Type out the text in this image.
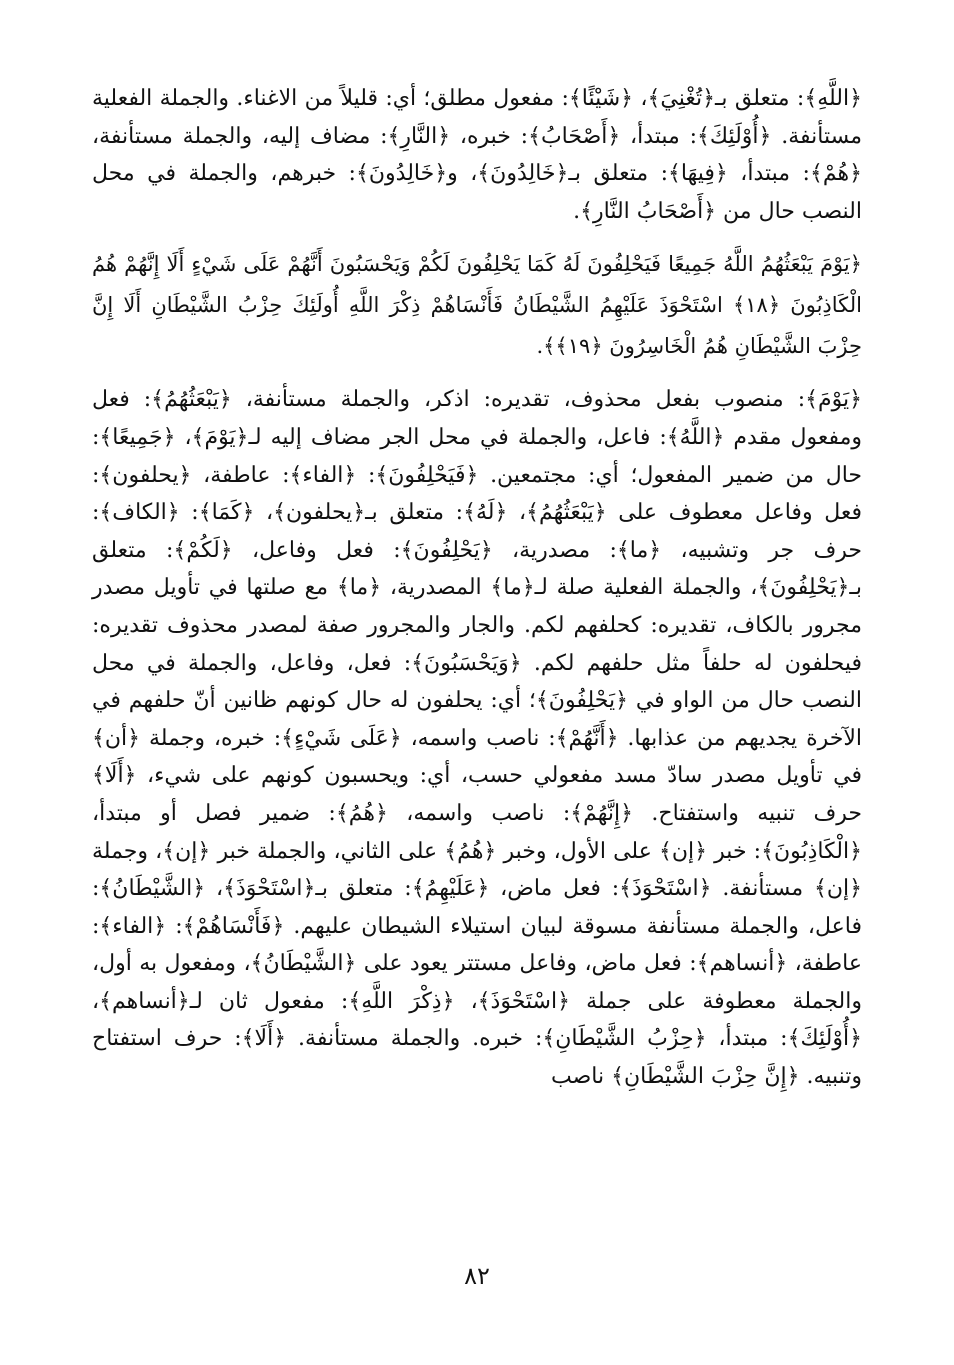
﴿اللَّهِ﴾: متعلق بـ﴿تُغْنِيَ﴾، ﴿شَيْئًا﴾: مفعول مطلق؛ أي: قليلاً من الاغناء. والجملة الفعلية مستأنفة. ﴿أُوْلَئِكَ﴾: مبتدأ، ﴿أَصْحَابُ﴾: خبره، ﴿النَّارِ﴾: مضاف إليه، والجملة مستأنفة، ﴿هُمْ﴾: مبتدأ، ﴿فِيهَا﴾: متعلق بـ﴿خَالِدُونَ﴾، و﴿خَالِدُونَ﴾: خبرهم، والجملة في محل النصب حال من ﴿أَصْحَابُ النَّارِ﴾.

﴿يَوْمَ يَبْعَثُهُمُ اللَّهُ جَمِيعًا فَيَحْلِفُونَ لَهُ كَمَا يَحْلِفُونَ لَكُمْ وَيَحْسَبُونَ أَنَّهُمْ عَلَى شَيْءٍ أَلَا إِنَّهُمْ هُمُ الْكَاذِبُونَ ﴿١٨﴾ اسْتَحْوَذَ عَلَيْهِمُ الشَّيْطَانُ فَأَنْسَاهُمْ ذِكْرَ اللَّهِ أُولَئِكَ حِزْبُ الشَّيْطَانِ أَلَا إِنَّ حِزْبَ الشَّيْطَانِ هُمُ الْخَاسِرُونَ ﴿١٩﴾﴾.

﴿يَوْمَ﴾: منصوب بفعل محذوف، تقديره: اذكر، والجملة مستأنفة، ﴿يَبْعَثُهُمُ﴾: فعل ومفعول مقدم ﴿اللَّهُ﴾: فاعل، والجملة في محل الجر مضاف إليه لـ﴿يَوْمَ﴾، ﴿جَمِيعًا﴾: حال من ضمير المفعول؛ أي: مجتمعين. ﴿فَيَحْلِفُونَ﴾: ﴿الفاء﴾: عاطفة، ﴿يحلفون﴾: فعل وفاعل معطوف على ﴿يَبْعَثُهُمُ﴾، ﴿لَهُ﴾: متعلق بـ﴿يحلفون﴾، ﴿كَمَا﴾: ﴿الكاف﴾: حرف جر وتشبيه، ﴿ما﴾: مصدرية، ﴿يَحْلِفُونَ﴾: فعل وفاعل، ﴿لَكُمْ﴾: متعلق بـ﴿يَحْلِفُونَ﴾، والجملة الفعلية صلة لـ﴿ما﴾ المصدرية، ﴿ما﴾ مع صلتها في تأويل مصدر مجرور بالكاف، تقديره: كحلفهم لكم. والجار والمجرور صفة لمصدر محذوف تقديره: فيحلفون له حلفاً مثل حلفهم لكم. ﴿وَيَحْسَبُونَ﴾: فعل، وفاعل، والجملة في محل النصب حال من الواو في ﴿يَحْلِفُونَ﴾؛ أي: يحلفون له حال كونهم ظانين أنّ حلفهم في الآخرة يجديهم من عذابها. ﴿أَنَّهُمْ﴾: ناصب واسمه، ﴿عَلَى شَيْءٍ﴾: خبره، وجملة ﴿أن﴾ في تأويل مصدر سادّ مسد مفعولي حسب، أي: ويحسبون كونهم على شيء، ﴿أَلَا﴾ حرف تنبيه واستفتاح. ﴿إِنَّهُمْ﴾: ناصب واسمه، ﴿هُمُ﴾: ضمير فصل أو مبتدأ، ﴿الْكَاذِبُونَ﴾: خبر ﴿إن﴾ على الأول، وخبر ﴿هُمُ﴾ على الثاني، والجملة خبر ﴿إن﴾، وجملة ﴿إن﴾ مستأنفة. ﴿اسْتَحْوَذَ﴾: فعل ماض، ﴿عَلَيْهِمُ﴾: متعلق بـ﴿اسْتَحْوَذَ﴾، ﴿الشَّيْطَانُ﴾: فاعل، والجملة مستأنفة مسوقة لبيان استيلاء الشيطان عليهم. ﴿فَأَنْسَاهُمْ﴾: ﴿الفاء﴾: عاطفة، ﴿أنساهم﴾: فعل ماض، وفاعل مستتر يعود على ﴿الشَّيْطَانُ﴾، ومفعول به أول، والجملة معطوفة على جملة ﴿اسْتَحْوَذَ﴾، ﴿ذِكْرَ اللَّهِ﴾: مفعول ثان لـ﴿أنساهم﴾، ﴿أُوْلَئِكَ﴾: مبتدأ، ﴿حِزْبُ الشَّيْطَانِ﴾: خبره. والجملة مستأنفة. ﴿أَلَا﴾: حرف استفتاح وتنبيه. ﴿إِنَّ حِزْبَ الشَّيْطَانِ﴾ ناصب

٨٢
